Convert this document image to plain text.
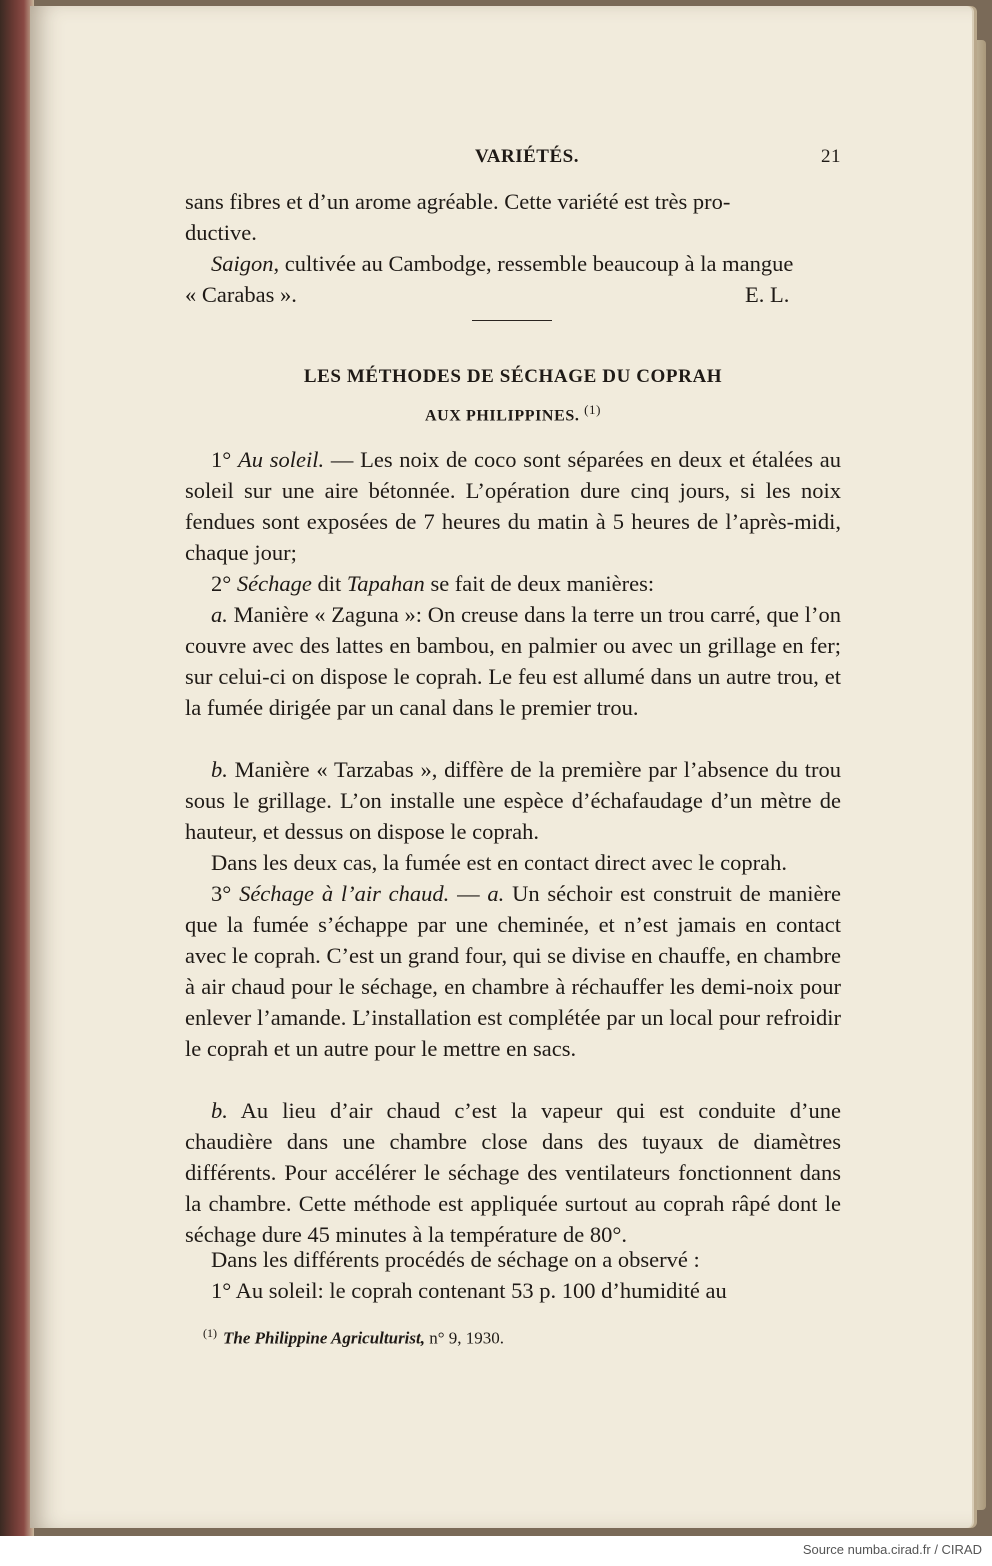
VARIÉTÉS.	21

sans fibres et d’un arome agréable. Cette variété est très pro-
ductive.

Saigon, cultivée au Cambodge, ressemble beaucoup à la mangue

« Carabas ».	E. L.
LES MÉTHODES DE SÉCHAGE DU COPRAH
AUX PHILIPPINES. $^{(1)}$

1° Au soleil. — Les noix de coco sont séparées en deux et étalées au soleil sur une aire bétonnée. L’opération dure cinq jours, si les noix fendues sont exposées de 7 heures du matin à 5 heures de l’après-midi, chaque jour;

2° Séchage dit Tapahan se fait de deux manières:

a. Manière « Zaguna »: On creuse dans la terre un trou carré, que l’on couvre avec des lattes en bambou, en palmier ou avec un grillage en fer; sur celui-ci on dispose le coprah. Le feu est allumé dans un autre trou, et la fumée dirigée par un canal dans le premier trou.

b. Manière « Tarzabas », diffère de la première par l’absence du trou sous le grillage. L’on installe une espèce d’échafaudage d’un mètre de hauteur, et dessus on dispose le coprah.

Dans les deux cas, la fumée est en contact direct avec le coprah.

3° Séchage à l’air chaud. — a. Un séchoir est construit de manière que la fumée s’échappe par une cheminée, et n’est jamais en contact avec le coprah. C’est un grand four, qui se divise en chauffe, en chambre à air chaud pour le séchage, en chambre à réchauffer les demi-noix pour enlever l’amande. L’installation est complétée par un local pour refroidir le coprah et un autre pour le mettre en sacs.

b. Au lieu d’air chaud c’est la vapeur qui est conduite d’une chaudière dans une chambre close dans des tuyaux de diamètres différents. Pour accélérer le séchage des ventilateurs fonctionnent dans la chambre. Cette méthode est appliquée surtout au coprah râpé dont le séchage dure 45 minutes à la température de 80°.

Dans les différents procédés de séchage on a observé :

1° Au soleil: le coprah contenant 53 p. 100 d’humidité au

$^{(1)}$ The Philippine Agriculturist, n° 9, 1930.
Source numba.cirad.fr / CIRAD
